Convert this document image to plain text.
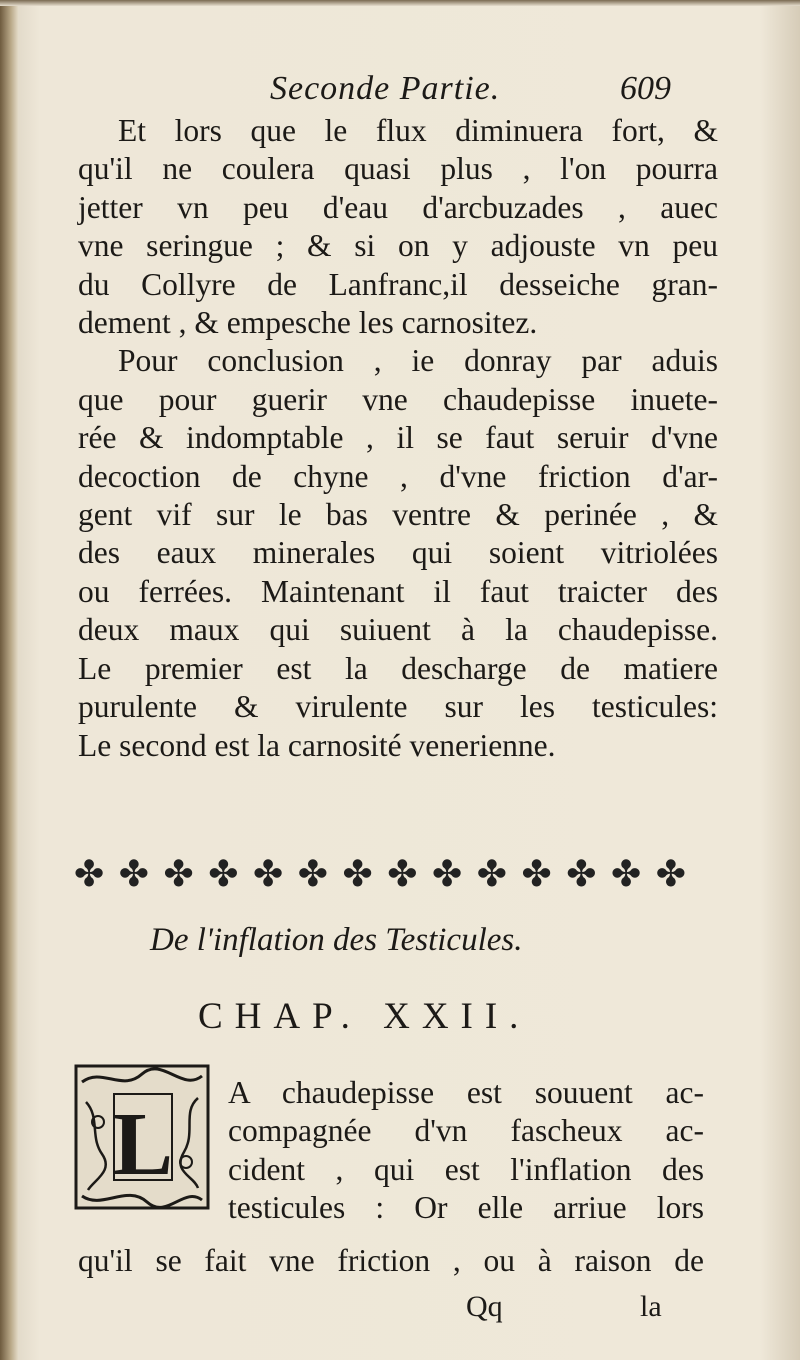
Seconde Partie.	609
Et lors que le flux diminuera fort, &
qu'il ne coulera quasi plus , l'on pourra
jetter vn peu d'eau d'arcbuzades , auec
vne seringue ; & si on y adjouste vn peu
du Collyre de Lanfranc,il desseiche gran-
dement , & empesche les carnositez.
Pour conclusion , ie donray par aduis
que pour guerir vne chaudepisse inuete-
rée & indomptable , il se faut seruir d'vne
decoction de chyne , d'vne friction d'ar-
gent vif sur le bas ventre & perinée , &
des eaux minerales qui soient vitriolées
ou ferrées. Maintenant il faut traicter des
deux maux qui suiuent à la chaudepisse.
Le premier est la descharge de matiere
purulente & virulente sur les testicules:
Le second est la carnosité venerienne.
✤ ✤ ✤ ✤ ✤ ✤ ✤ ✤ ✤ ✤ ✤ ✤ ✤ ✤
De l'inflation des Testicules.
CHAP. XXII.
L
A chaudepisse est souuent ac-
compagnée d'vn fascheux ac-
cident , qui est l'inflation des
testicules : Or elle arriue lors
qu'il se fait vne friction , ou à raison de
Qq	la
